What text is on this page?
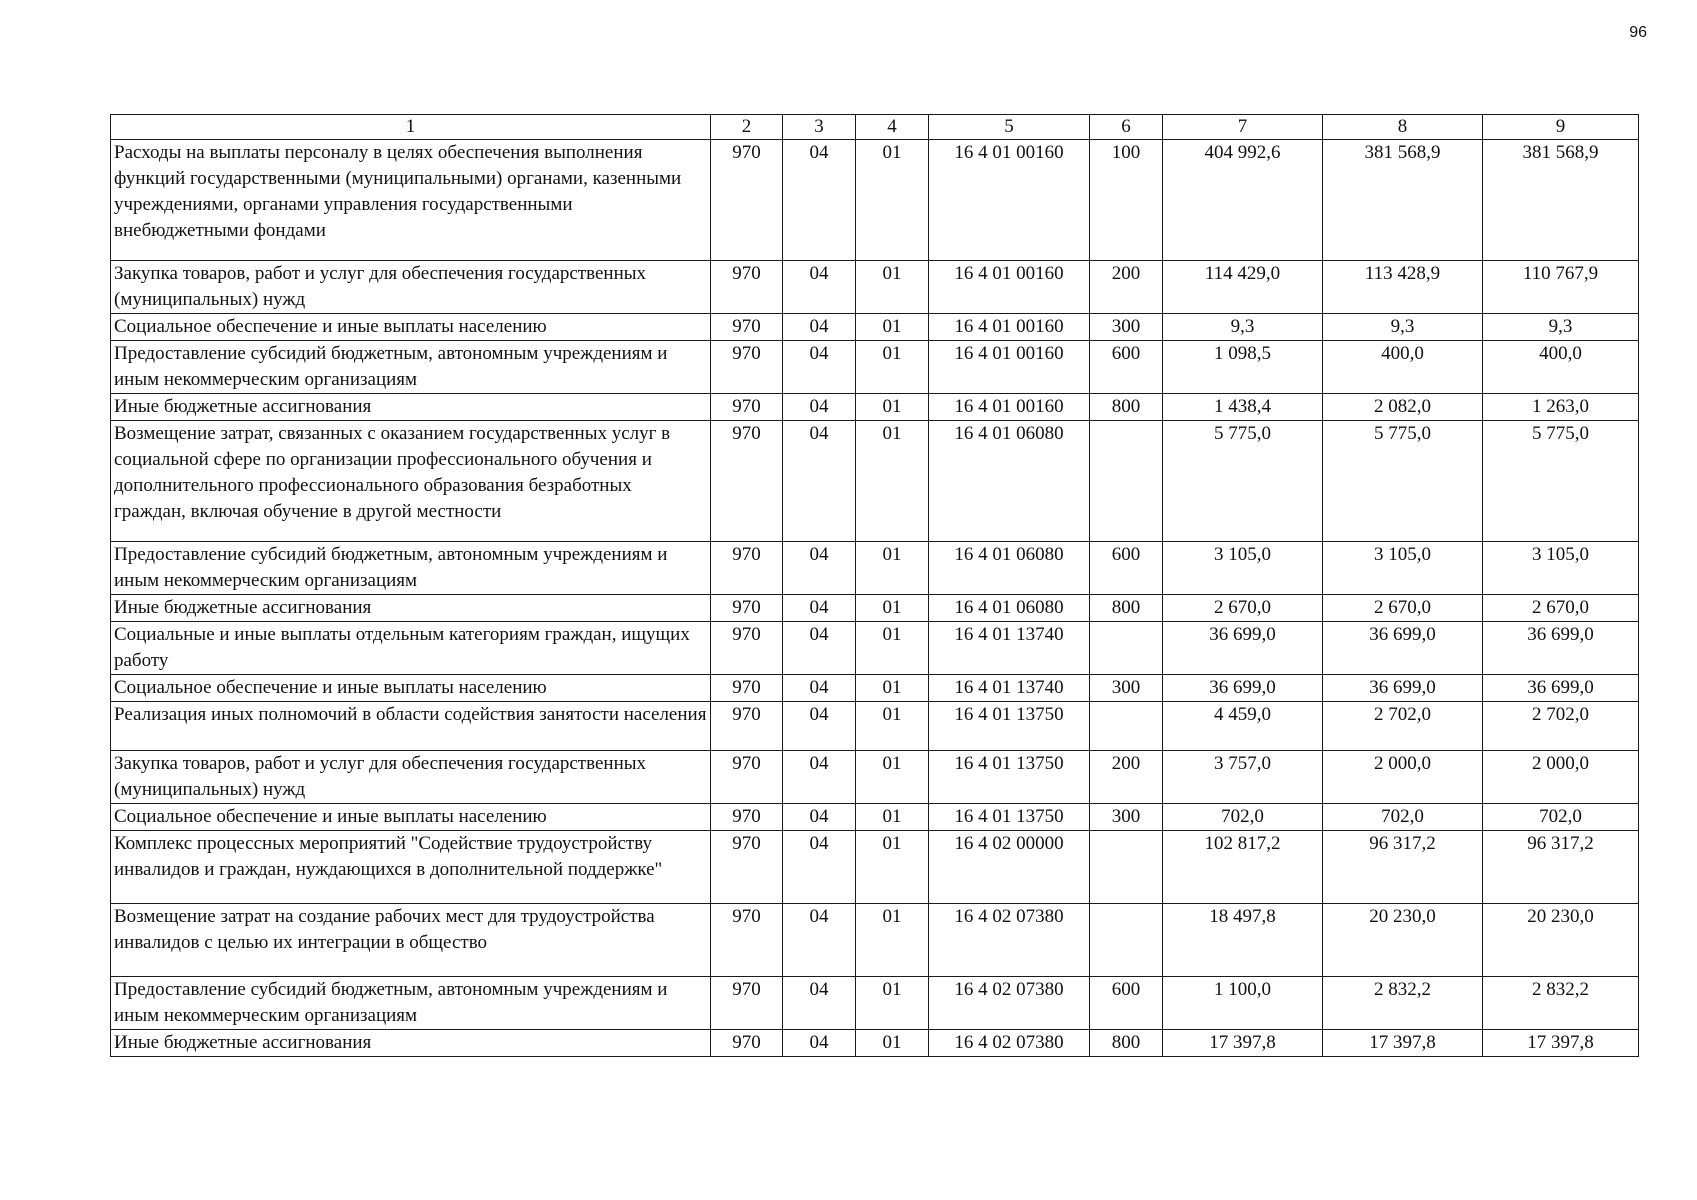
96
1	2	3	4	5	6	7	8	9
Расходы на выплаты персоналу в целях обеспечения выполнения функций государственными (муниципальными) органами, казенными учреждениями, органами управления государственными внебюджетными фондами	970	04	01	16 4 01 00160	100	404 992,6	381 568,9	381 568,9
Закупка товаров, работ и услуг для обеспечения государственных (муниципальных) нужд	970	04	01	16 4 01 00160	200	114 429,0	113 428,9	110 767,9
Социальное обеспечение и иные выплаты населению	970	04	01	16 4 01 00160	300	9,3	9,3	9,3
Предоставление субсидий бюджетным, автономным учреждениям и иным некоммерческим организациям	970	04	01	16 4 01 00160	600	1 098,5	400,0	400,0
Иные бюджетные ассигнования	970	04	01	16 4 01 00160	800	1 438,4	2 082,0	1 263,0
Возмещение затрат, связанных с оказанием государственных услуг в социальной сфере по организации профессионального обучения и дополнительного профессионального образования безработных граждан, включая обучение в другой местности	970	04	01	16 4 01 06080		5 775,0	5 775,0	5 775,0
Предоставление субсидий бюджетным, автономным учреждениям и иным некоммерческим организациям	970	04	01	16 4 01 06080	600	3 105,0	3 105,0	3 105,0
Иные бюджетные ассигнования	970	04	01	16 4 01 06080	800	2 670,0	2 670,0	2 670,0
Социальные и иные выплаты отдельным категориям граждан, ищущих работу	970	04	01	16 4 01 13740		36 699,0	36 699,0	36 699,0
Социальное обеспечение и иные выплаты населению	970	04	01	16 4 01 13740	300	36 699,0	36 699,0	36 699,0
Реализация иных полномочий в области содействия занятости населения	970	04	01	16 4 01 13750		4 459,0	2 702,0	2 702,0
Закупка товаров, работ и услуг для обеспечения государственных (муниципальных) нужд	970	04	01	16 4 01 13750	200	3 757,0	2 000,0	2 000,0
Социальное обеспечение и иные выплаты населению	970	04	01	16 4 01 13750	300	702,0	702,0	702,0
Комплекс процессных мероприятий "Содействие трудоустройству инвалидов и граждан, нуждающихся в дополнительной поддержке"	970	04	01	16 4 02 00000		102 817,2	96 317,2	96 317,2
Возмещение затрат на создание рабочих мест для трудоустройства инвалидов с целью их интеграции в общество	970	04	01	16 4 02 07380		18 497,8	20 230,0	20 230,0
Предоставление субсидий бюджетным, автономным учреждениям и иным некоммерческим организациям	970	04	01	16 4 02 07380	600	1 100,0	2 832,2	2 832,2
Иные бюджетные ассигнования	970	04	01	16 4 02 07380	800	17 397,8	17 397,8	17 397,8
